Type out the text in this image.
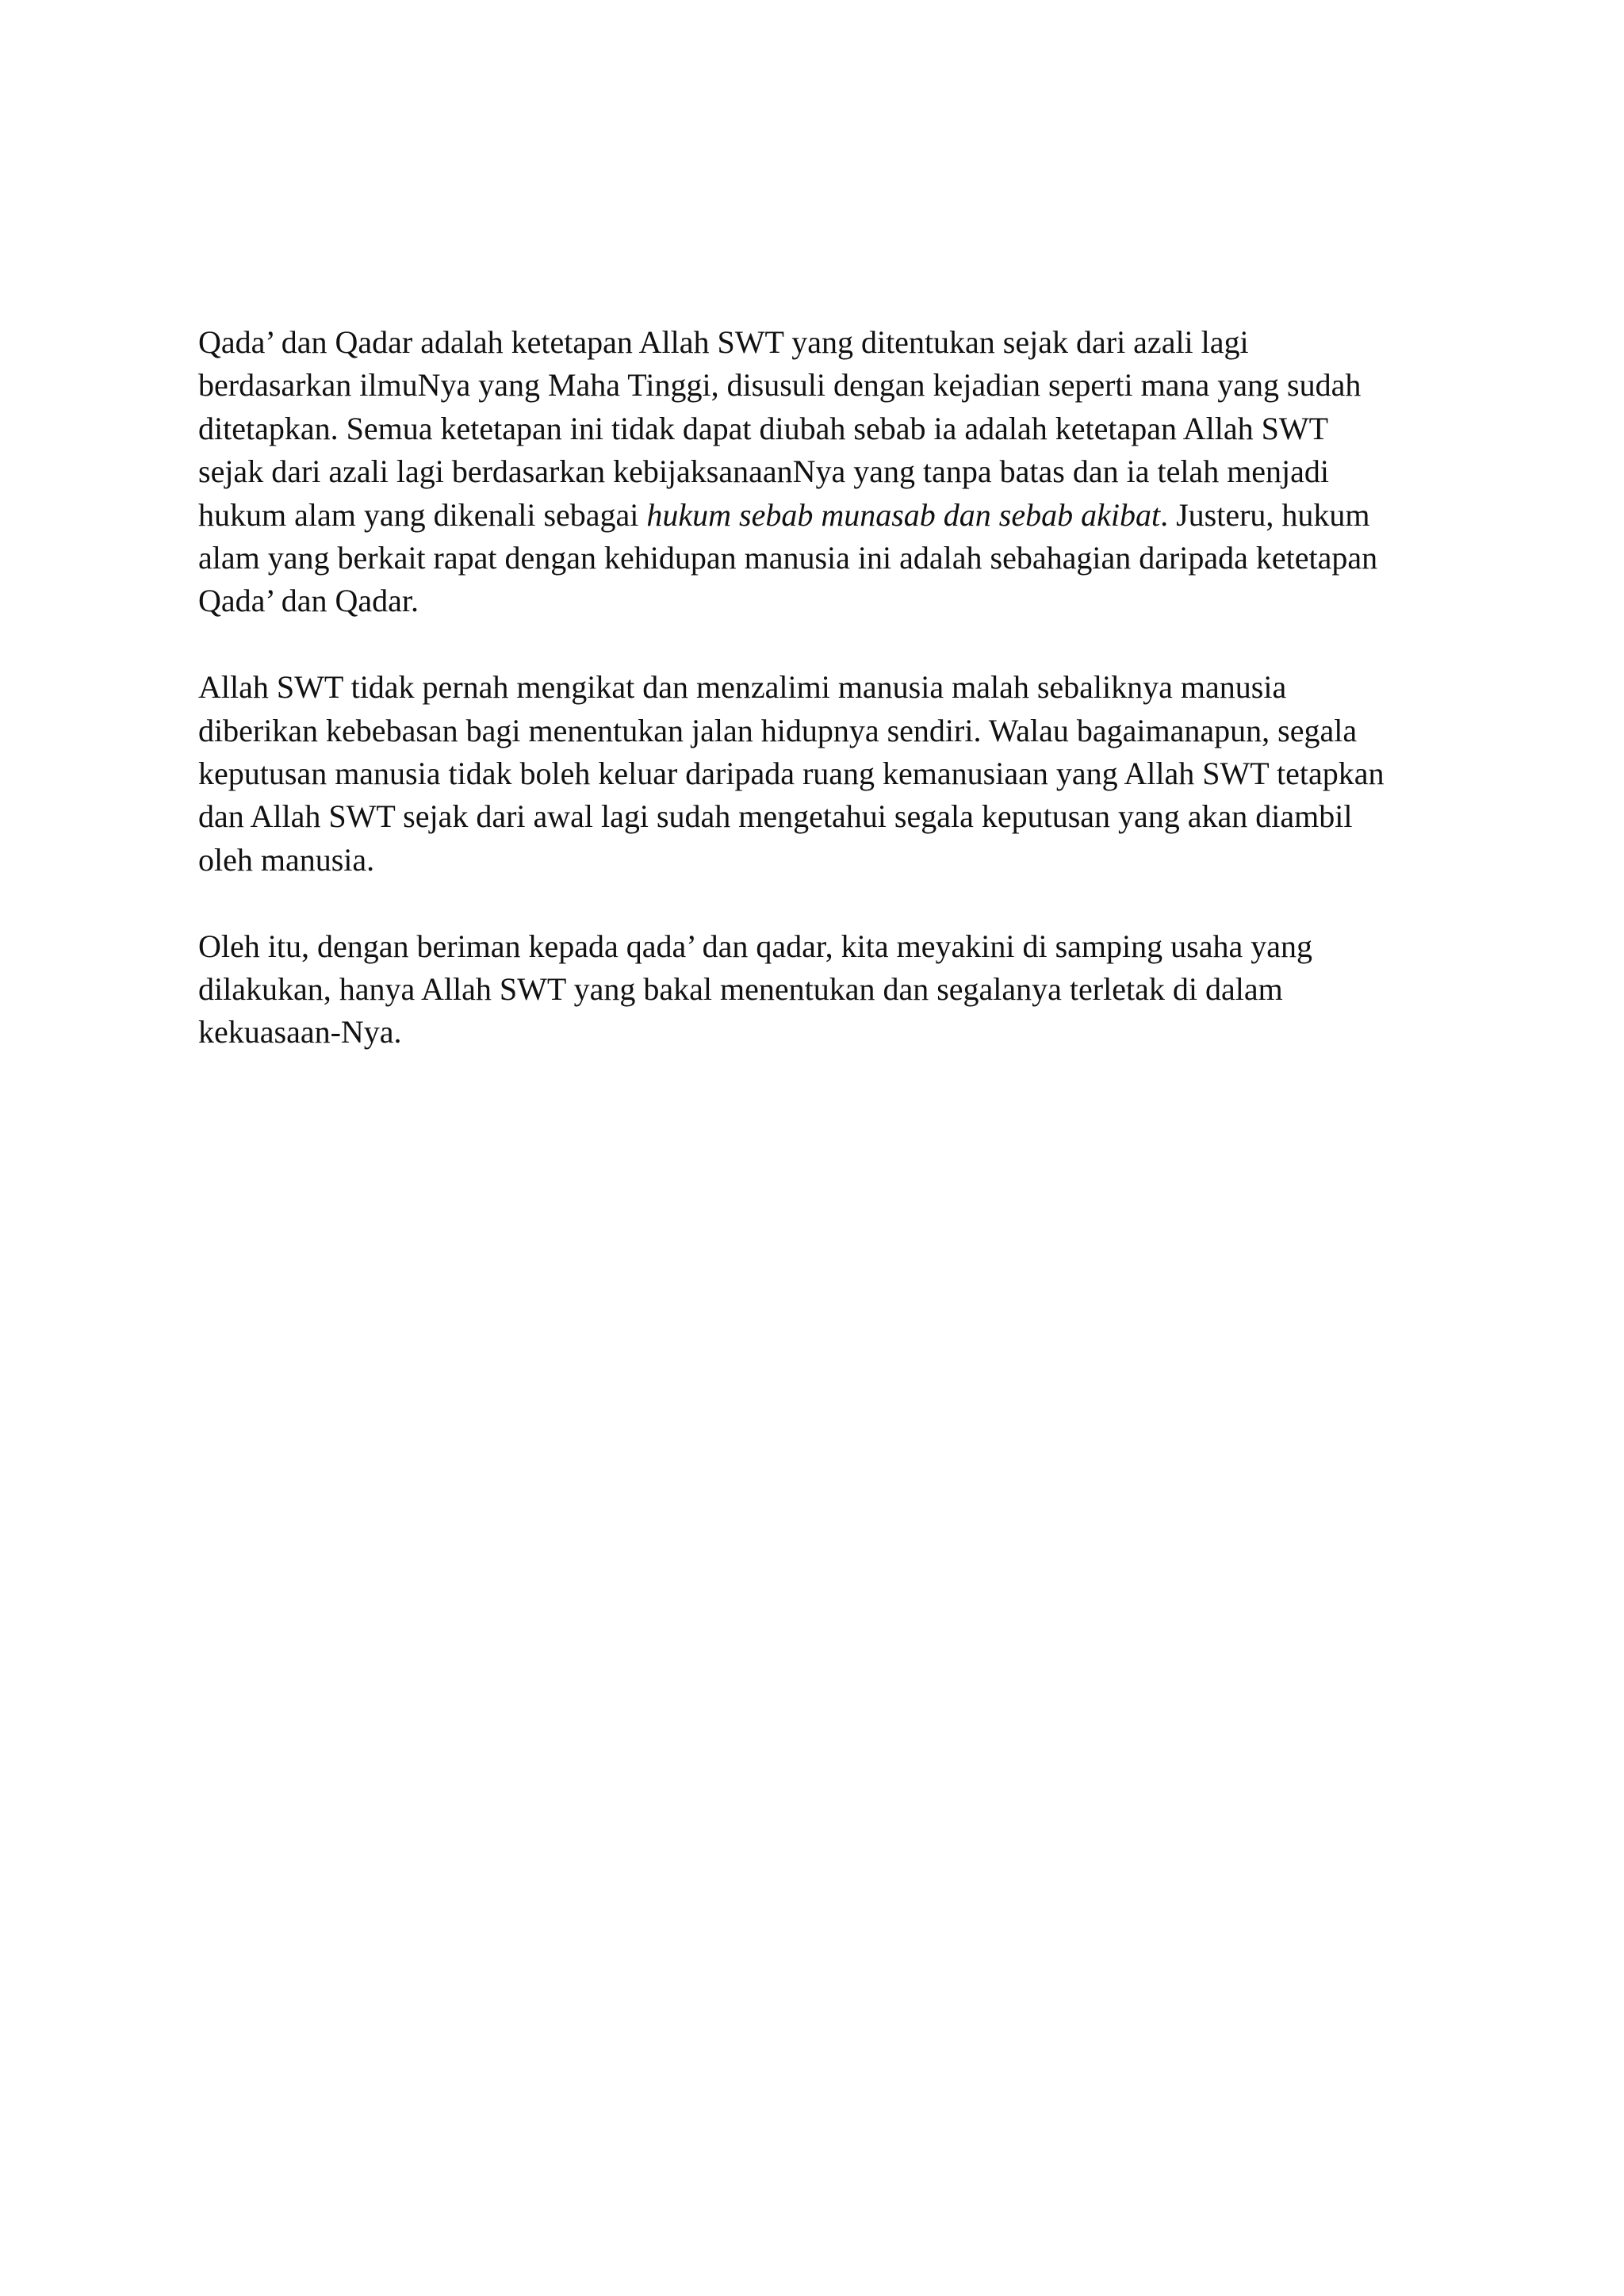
Qada’ dan Qadar adalah ketetapan Allah SWT yang ditentukan sejak dari azali lagi
berdasarkan ilmuNya yang Maha Tinggi, disusuli dengan kejadian seperti mana yang sudah
ditetapkan. Semua ketetapan ini tidak dapat diubah sebab ia adalah ketetapan Allah SWT
sejak dari azali lagi berdasarkan kebijaksanaanNya yang tanpa batas dan ia telah menjadi
hukum alam yang dikenali sebagai hukum sebab munasab dan sebab akibat. Justeru, hukum
alam yang berkait rapat dengan kehidupan manusia ini adalah sebahagian daripada ketetapan
Qada’ dan Qadar.

Allah SWT tidak pernah mengikat dan menzalimi manusia malah sebaliknya manusia
diberikan kebebasan bagi menentukan jalan hidupnya sendiri. Walau bagaimanapun, segala
keputusan manusia tidak boleh keluar daripada ruang kemanusiaan yang Allah SWT tetapkan
dan Allah SWT sejak dari awal lagi sudah mengetahui segala keputusan yang akan diambil
oleh manusia.

Oleh itu, dengan beriman kepada qada’ dan qadar, kita meyakini di samping usaha yang
dilakukan, hanya Allah SWT yang bakal menentukan dan segalanya terletak di dalam
kekuasaan-Nya.
